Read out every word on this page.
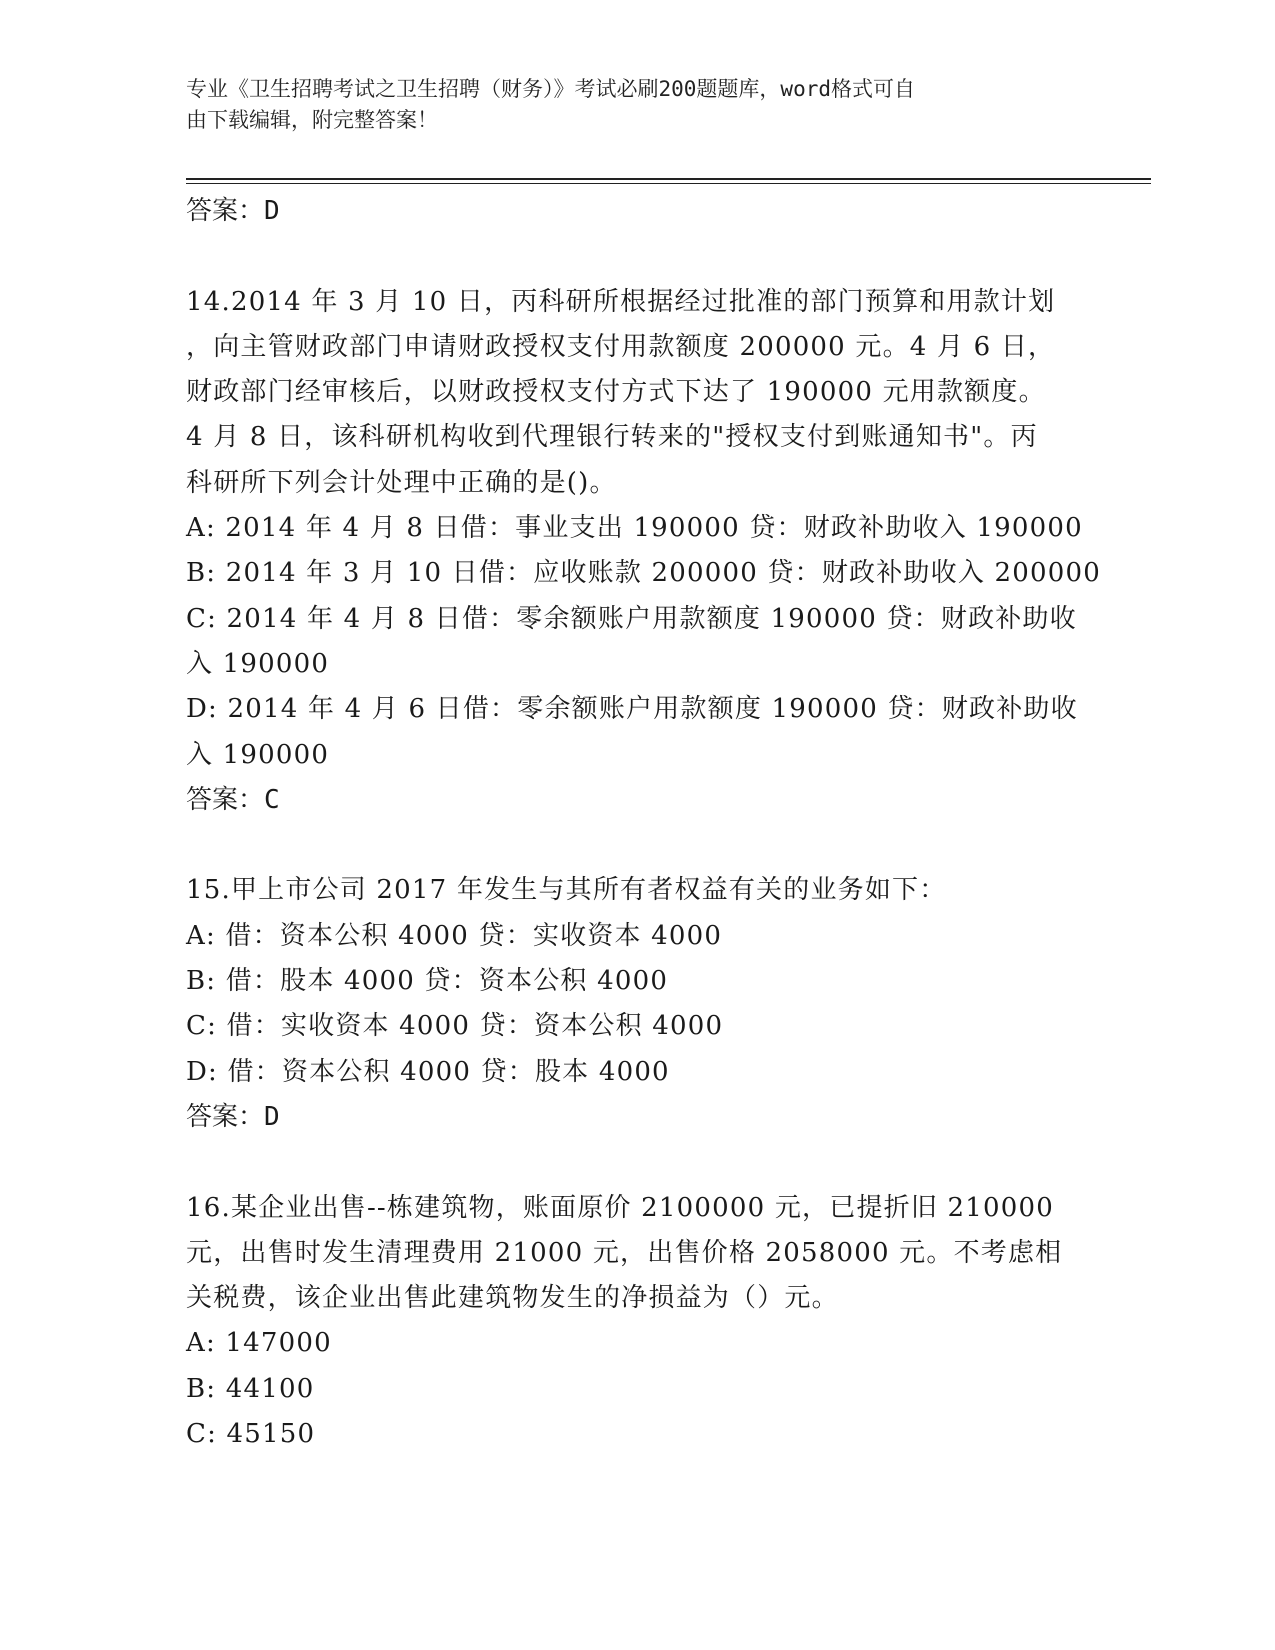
专业《卫生招聘考试之卫生招聘（财务）》考试必刷200题题库，word格式可自
由下载编辑，附完整答案！
答案：D
14.2014 年 3 月 10 日，丙科研所根据经过批准的部门预算和用款计划
，向主管财政部门申请财政授权支付用款额度 200000 元。4 月 6 日，
财政部门经审核后，以财政授权支付方式下达了 190000 元用款额度。
4 月 8 日，该科研机构收到代理银行转来的"授权支付到账通知书"。丙
科研所下列会计处理中正确的是()。
A: 2014 年 4 月 8 日借：事业支出 190000 贷：财政补助收入 190000
B: 2014 年 3 月 10 日借：应收账款 200000 贷：财政补助收入 200000
C: 2014 年 4 月 8 日借：零余额账户用款额度 190000 贷：财政补助收
入 190000
D: 2014 年 4 月 6 日借：零余额账户用款额度 190000 贷：财政补助收
入 190000
答案：C
15.甲上市公司 2017 年发生与其所有者权益有关的业务如下：
A: 借：资本公积 4000 贷：实收资本 4000
B: 借：股本 4000 贷：资本公积 4000
C: 借：实收资本 4000 贷：资本公积 4000
D: 借：资本公积 4000 贷：股本 4000
答案：D
16.某企业出售--栋建筑物，账面原价 2100000 元，已提折旧 210000
元，出售时发生清理费用 21000 元，出售价格 2058000 元。不考虑相
关税费，该企业出售此建筑物发生的净损益为（）元。
A: 147000
B: 44100
C: 45150
